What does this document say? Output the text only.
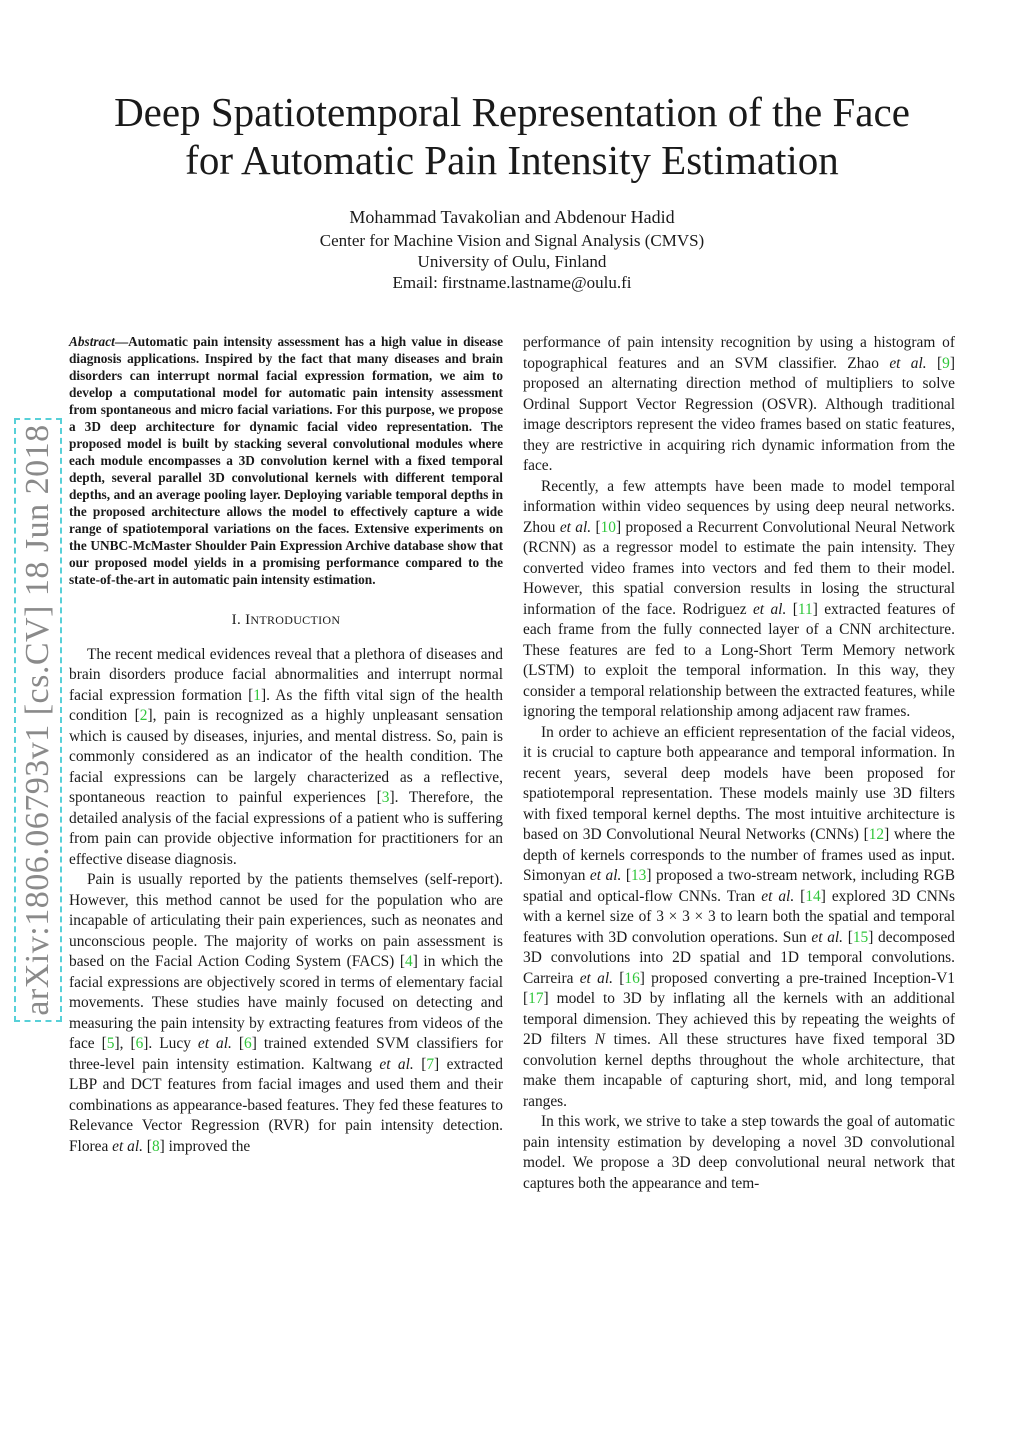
Deep Spatiotemporal Representation of the Face
for Automatic Pain Intensity Estimation
Mohammad Tavakolian and Abdenour Hadid
Center for Machine Vision and Signal Analysis (CMVS)
University of Oulu, Finland
Email: firstname.lastname@oulu.fi
arXiv:1806.06793v1 [cs.CV] 18 Jun 2018

Abstract—Automatic pain intensity assessment has a high value in disease diagnosis applications. Inspired by the fact that many diseases and brain disorders can interrupt normal facial expression formation, we aim to develop a computational model for automatic pain intensity assessment from spontaneous and micro facial variations. For this purpose, we propose a 3D deep architecture for dynamic facial video representation. The proposed model is built by stacking several convolutional modules where each module encompasses a 3D convolution kernel with a fixed temporal depth, several parallel 3D convolutional kernels with different temporal depths, and an average pooling layer. Deploying variable temporal depths in the proposed architecture allows the model to effectively capture a wide range of spatiotemporal variations on the faces. Extensive experiments on the UNBC-McMaster Shoulder Pain Expression Archive database show that our proposed model yields in a promising performance compared to the state-of-the-art in automatic pain intensity estimation.

I. INTRODUCTION

The recent medical evidences reveal that a plethora of diseases and brain disorders produce facial abnormalities and interrupt normal facial expression formation [1]. As the fifth vital sign of the health condition [2], pain is recognized as a highly unpleasant sensation which is caused by diseases, injuries, and mental distress. So, pain is commonly considered as an indicator of the health condition. The facial expressions can be largely characterized as a reflective, spontaneous reaction to painful experiences [3]. Therefore, the detailed analysis of the facial expressions of a patient who is suffering from pain can provide objective information for practitioners for an effective disease diagnosis.

Pain is usually reported by the patients themselves (self-report). However, this method cannot be used for the population who are incapable of articulating their pain experiences, such as neonates and unconscious people. The majority of works on pain assessment is based on the Facial Action Coding System (FACS) [4] in which the facial expressions are objectively scored in terms of elementary facial movements. These studies have mainly focused on detecting and measuring the pain intensity by extracting features from videos of the face [5], [6]. Lucy et al. [6] trained extended SVM classifiers for three-level pain intensity estimation. Kaltwang et al. [7] extracted LBP and DCT features from facial images and used them and their combinations as appearance-based features. They fed these features to Relevance Vector Regression (RVR) for pain intensity detection. Florea et al. [8] improved the

performance of pain intensity recognition by using a histogram of topographical features and an SVM classifier. Zhao et al. [9] proposed an alternating direction method of multipliers to solve Ordinal Support Vector Regression (OSVR). Although traditional image descriptors represent the video frames based on static features, they are restrictive in acquiring rich dynamic information from the face.

Recently, a few attempts have been made to model temporal information within video sequences by using deep neural networks. Zhou et al. [10] proposed a Recurrent Convolutional Neural Network (RCNN) as a regressor model to estimate the pain intensity. They converted video frames into vectors and fed them to their model. However, this spatial conversion results in losing the structural information of the face. Rodriguez et al. [11] extracted features of each frame from the fully connected layer of a CNN architecture. These features are fed to a Long-Short Term Memory network (LSTM) to exploit the temporal information. In this way, they consider a temporal relationship between the extracted features, while ignoring the temporal relationship among adjacent raw frames.

In order to achieve an efficient representation of the facial videos, it is crucial to capture both appearance and temporal information. In recent years, several deep models have been proposed for spatiotemporal representation. These models mainly use 3D filters with fixed temporal kernel depths. The most intuitive architecture is based on 3D Convolutional Neural Networks (CNNs) [12] where the depth of kernels corresponds to the number of frames used as input. Simonyan et al. [13] proposed a two-stream network, including RGB spatial and optical-flow CNNs. Tran et al. [14] explored 3D CNNs with a kernel size of 3 × 3 × 3 to learn both the spatial and temporal features with 3D convolution operations. Sun et al. [15] decomposed 3D convolutions into 2D spatial and 1D temporal convolutions. Carreira et al. [16] proposed converting a pre-trained Inception-V1 [17] model to 3D by inflating all the kernels with an additional temporal dimension. They achieved this by repeating the weights of 2D filters N times. All these structures have fixed temporal 3D convolution kernel depths throughout the whole architecture, that make them incapable of capturing short, mid, and long temporal ranges.

In this work, we strive to take a step towards the goal of automatic pain intensity estimation by developing a novel 3D convolutional model. We propose a 3D deep convolutional neural network that captures both the appearance and tem-
